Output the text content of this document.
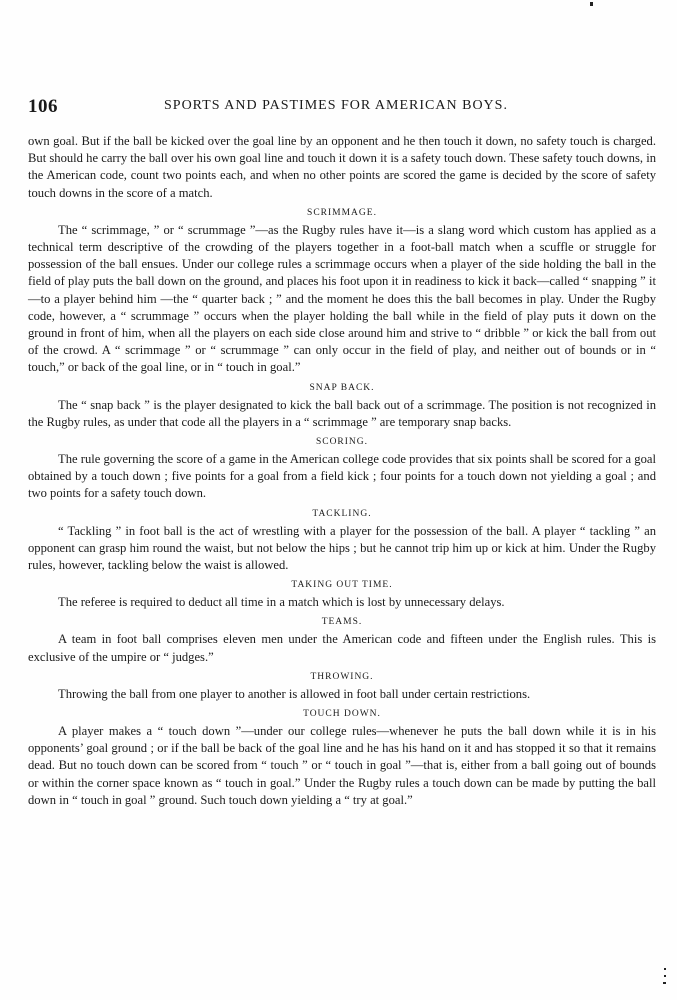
106	SPORTS AND PASTIMES FOR AMERICAN BOYS.

own goal. But if the ball be kicked over the goal line by an opponent and he then touch it down, no safety touch is charged. But should he carry the ball over his own goal line and touch it down it is a safety touch down. These safety touch downs, in the American code, count two points each, and when no other points are scored the game is decided by the score of safety touch downs in the score of a match.

SCRIMMAGE.

The “ scrimmage, ” or “ scrummage ”—as the Rugby rules have it—is a slang word which custom has applied as a technical term descriptive of the crowding of the players together in a foot-ball match when a scuffle or struggle for possession of the ball ensues. Under our college rules a scrimmage occurs when a player of the side holding the ball in the field of play puts the ball down on the ground, and places his foot upon it in readiness to kick it back—called “ snapping ” it—to a player behind him —the “ quarter back ; ” and the moment he does this the ball becomes in play. Under the Rugby code, however, a “ scrummage ” occurs when the player holding the ball while in the field of play puts it down on the ground in front of him, when all the players on each side close around him and strive to “ dribble ” or kick the ball from out of the crowd. A “ scrimmage ” or “ scrummage ” can only occur in the field of play, and neither out of bounds or in “ touch,” or back of the goal line, or in “ touch in goal.”

SNAP BACK.

The “ snap back ” is the player designated to kick the ball back out of a scrimmage. The position is not recognized in the Rugby rules, as under that code all the players in a “ scrimmage ” are temporary snap backs.

SCORING.

The rule governing the score of a game in the American college code provides that six points shall be scored for a goal obtained by a touch down ; five points for a goal from a field kick ; four points for a touch down not yielding a goal ; and two points for a safety touch down.

TACKLING.

“ Tackling ” in foot ball is the act of wrestling with a player for the possession of the ball. A player “ tackling ” an opponent can grasp him round the waist, but not below the hips ; but he cannot trip him up or kick at him. Under the Rugby rules, however, tackling below the waist is allowed.

TAKING OUT TIME.

The referee is required to deduct all time in a match which is lost by unnecessary delays.

TEAMS.

A team in foot ball comprises eleven men under the American code and fifteen under the English rules. This is exclusive of the umpire or “ judges.”

THROWING.

Throwing the ball from one player to another is allowed in foot ball under certain restrictions.

TOUCH DOWN.

A player makes a “ touch down ”—under our college rules—whenever he puts the ball down while it is in his opponents’ goal ground ; or if the ball be back of the goal line and he has his hand on it and has stopped it so that it remains dead. But no touch down can be scored from “ touch ” or “ touch in goal ”—that is, either from a ball going out of bounds or within the corner space known as “ touch in goal.” Under the Rugby rules a touch down can be made by putting the ball down in “ touch in goal ” ground. Such touch down yielding a “ try at goal.”
